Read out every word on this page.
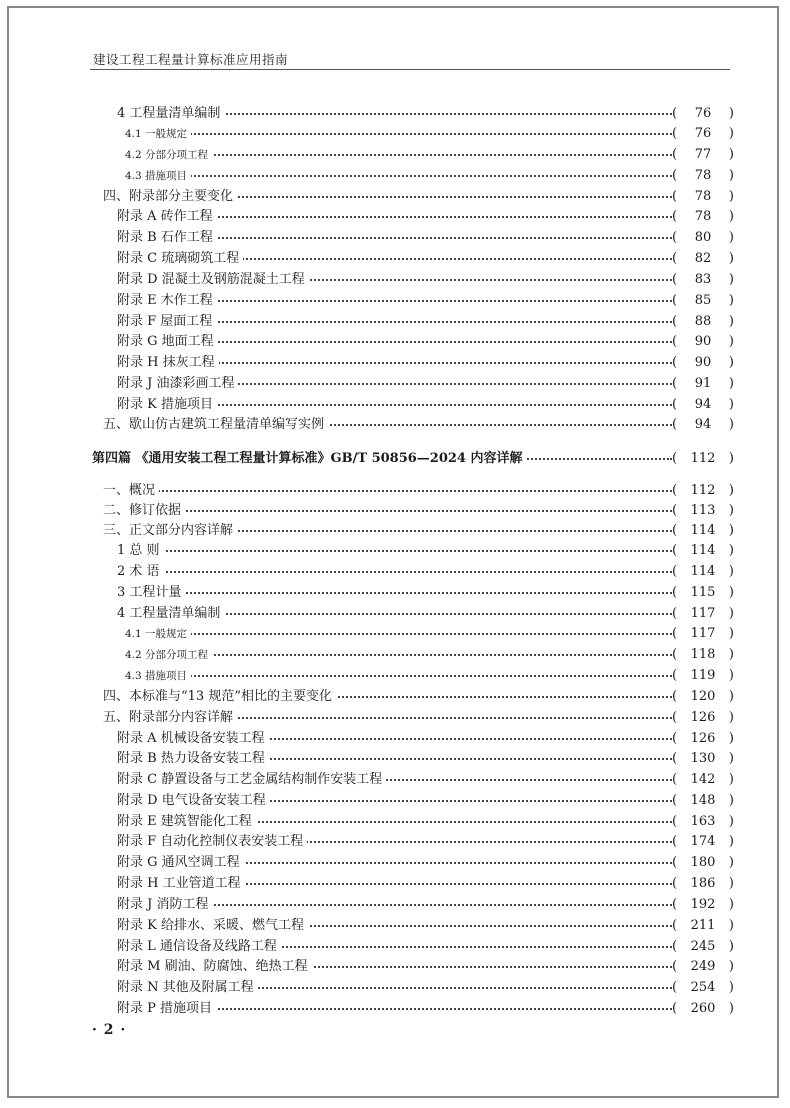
建设工程工程量计算标准应用指南
4 工程量清单编制	( 76 )
4.1 一般规定	( 76 )
4.2 分部分项工程	( 77 )
4.3 措施项目	( 78 )
四、附录部分主要变化	( 78 )
附录 A 砖作工程	( 78 )
附录 B 石作工程	( 80 )
附录 C 琉璃砌筑工程	( 82 )
附录 D 混凝土及钢筋混凝土工程	( 83 )
附录 E 木作工程	( 85 )
附录 F 屋面工程	( 88 )
附录 G 地面工程	( 90 )
附录 H 抹灰工程	( 90 )
附录 J 油漆彩画工程	( 91 )
附录 K 措施项目	( 94 )
五、歇山仿古建筑工程量清单编写实例	( 94 )
第四篇 《通用安装工程工程量计算标准》GB/T 50856—2024 内容详解	( 112 )
一、概况	( 112 )
二、修订依据	( 113 )
三、正文部分内容详解	( 114 )
1 总 则	( 114 )
2 术 语	( 114 )
3 工程计量	( 115 )
4 工程量清单编制	( 117 )
4.1 一般规定	( 117 )
4.2 分部分项工程	( 118 )
4.3 措施项目	( 119 )
四、本标准与“13 规范”相比的主要变化	( 120 )
五、附录部分内容详解	( 126 )
附录 A 机械设备安装工程	( 126 )
附录 B 热力设备安装工程	( 130 )
附录 C 静置设备与工艺金属结构制作安装工程	( 142 )
附录 D 电气设备安装工程	( 148 )
附录 E 建筑智能化工程	( 163 )
附录 F 自动化控制仪表安装工程	( 174 )
附录 G 通风空调工程	( 180 )
附录 H 工业管道工程	( 186 )
附录 J 消防工程	( 192 )
附录 K 给排水、采暖、燃气工程	( 211 )
附录 L 通信设备及线路工程	( 245 )
附录 M 刷油、防腐蚀、绝热工程	( 249 )
附录 N 其他及附属工程	( 254 )
附录 P 措施项目	( 260 )
· 2 ·
